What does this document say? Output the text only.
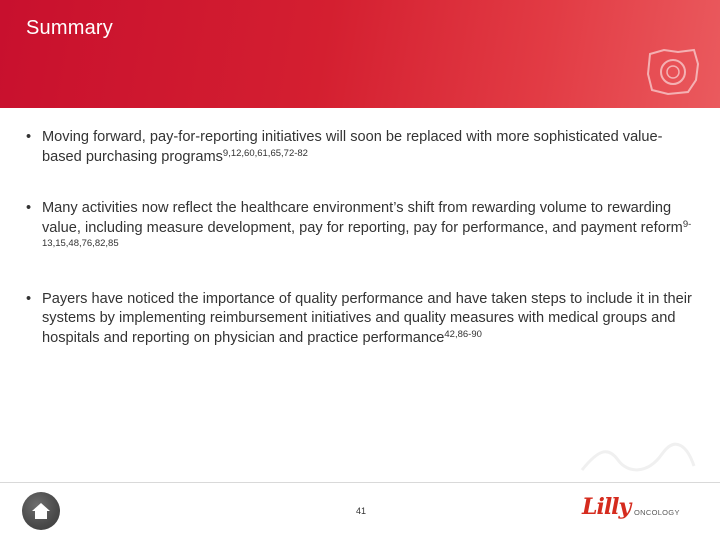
Summary
• Moving forward, pay-for-reporting initiatives will soon be replaced with more sophisticated value-based purchasing programs$^{9,12,60,61,65,72-82}$
• Many activities now reflect the healthcare environment’s shift from rewarding volume to rewarding value, including measure development, pay for reporting, pay for performance, and payment reform$^{9-13,15,48,76,82,85}$
• Payers have noticed the importance of quality performance and have taken steps to include it in their systems by implementing reimbursement initiatives and quality measures with medical groups and hospitals and reporting on physician and practice performance$^{42,86-90}$
41	Lilly ONCOLOGY
